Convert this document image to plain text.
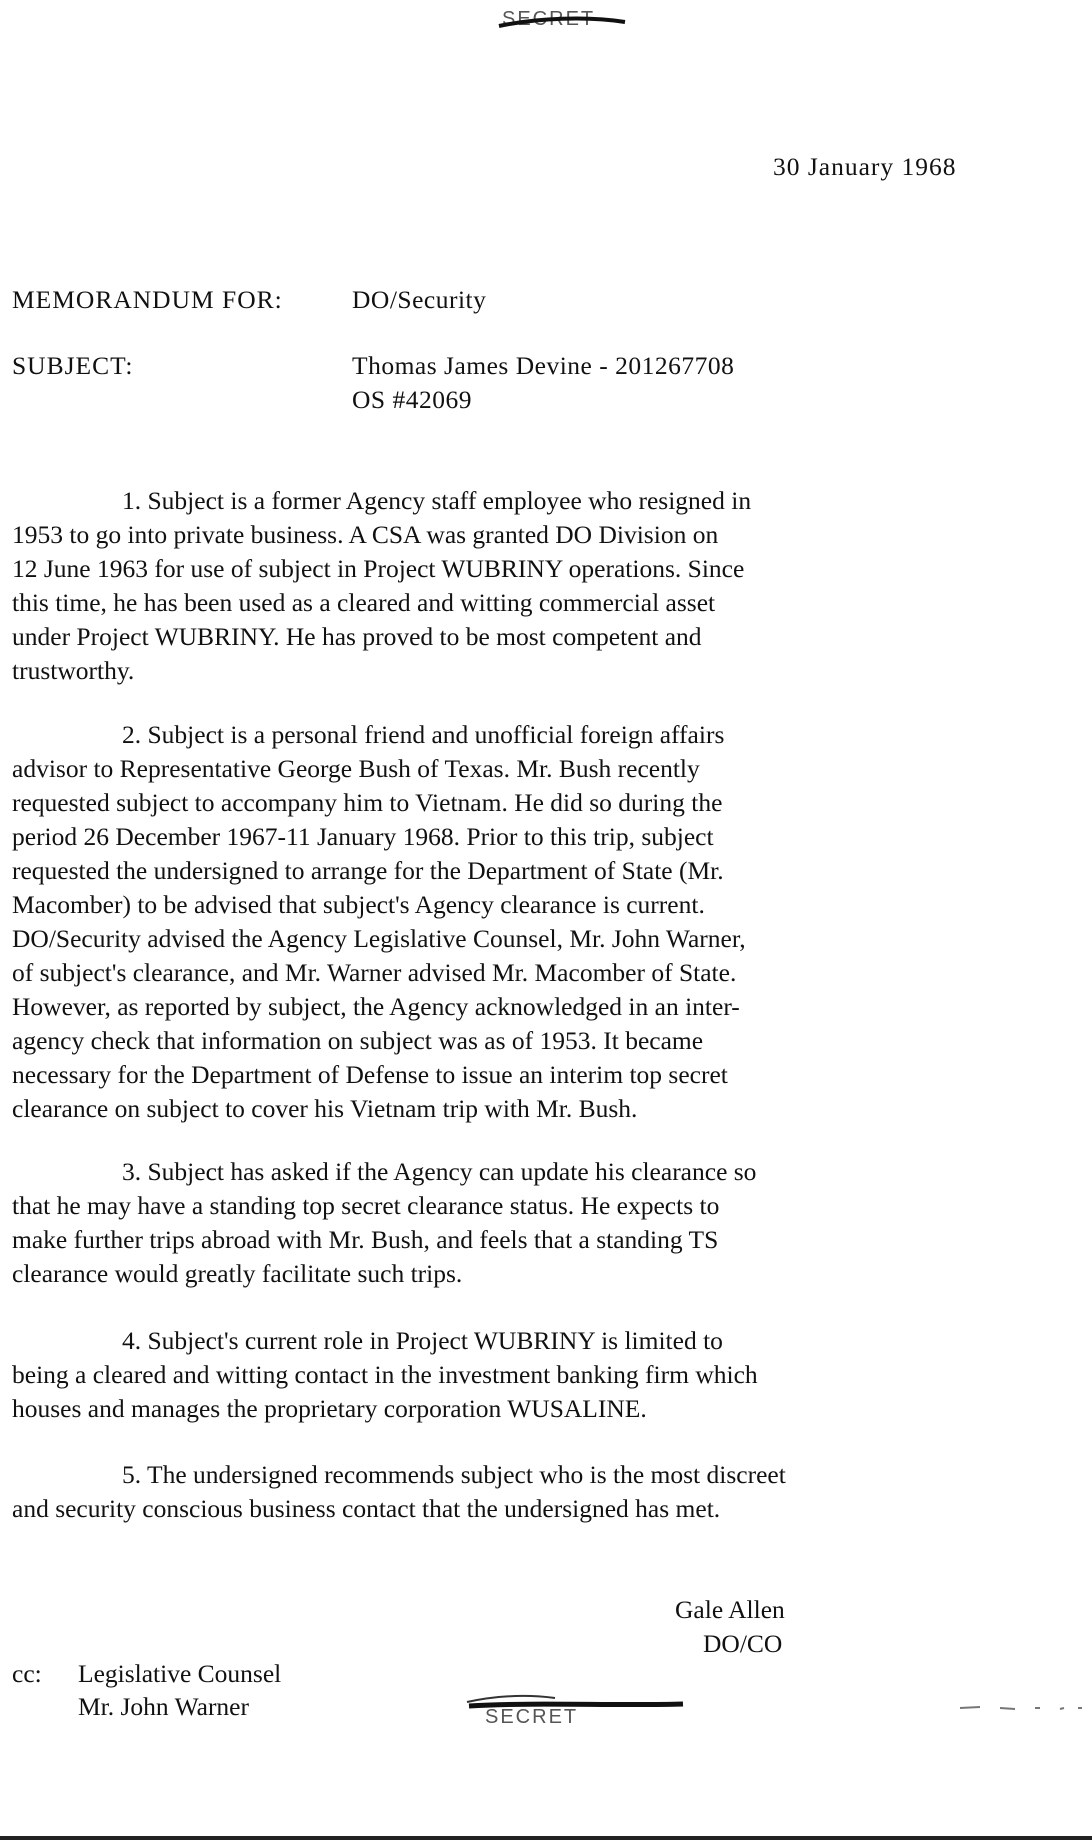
SECRET
30 January 1968
MEMORANDUM FOR:	DO/Security
SUBJECT:	Thomas James Devine - 201267708
OS #42069
1. Subject is a former Agency staff employee who resigned in
1953 to go into private business. A CSA was granted DO Division on
12 June 1963 for use of subject in Project WUBRINY operations. Since
this time, he has been used as a cleared and witting commercial asset
under Project WUBRINY. He has proved to be most competent and
trustworthy.
2. Subject is a personal friend and unofficial foreign affairs
advisor to Representative George Bush of Texas. Mr. Bush recently
requested subject to accompany him to Vietnam. He did so during the
period 26 December 1967-11 January 1968. Prior to this trip, subject
requested the undersigned to arrange for the Department of State (Mr.
Macomber) to be advised that subject's Agency clearance is current.
DO/Security advised the Agency Legislative Counsel, Mr. John Warner,
of subject's clearance, and Mr. Warner advised Mr. Macomber of State.
However, as reported by subject, the Agency acknowledged in an inter-
agency check that information on subject was as of 1953. It became
necessary for the Department of Defense to issue an interim top secret
clearance on subject to cover his Vietnam trip with Mr. Bush.
3. Subject has asked if the Agency can update his clearance so
that he may have a standing top secret clearance status. He expects to
make further trips abroad with Mr. Bush, and feels that a standing TS
clearance would greatly facilitate such trips.
4. Subject's current role in Project WUBRINY is limited to
being a cleared and witting contact in the investment banking firm which
houses and manages the proprietary corporation WUSALINE.
5. The undersigned recommends subject who is the most discreet
and security conscious business contact that the undersigned has met.
Gale Allen
DO/CO
cc: Legislative Counsel
Mr. John Warner	SECRET
